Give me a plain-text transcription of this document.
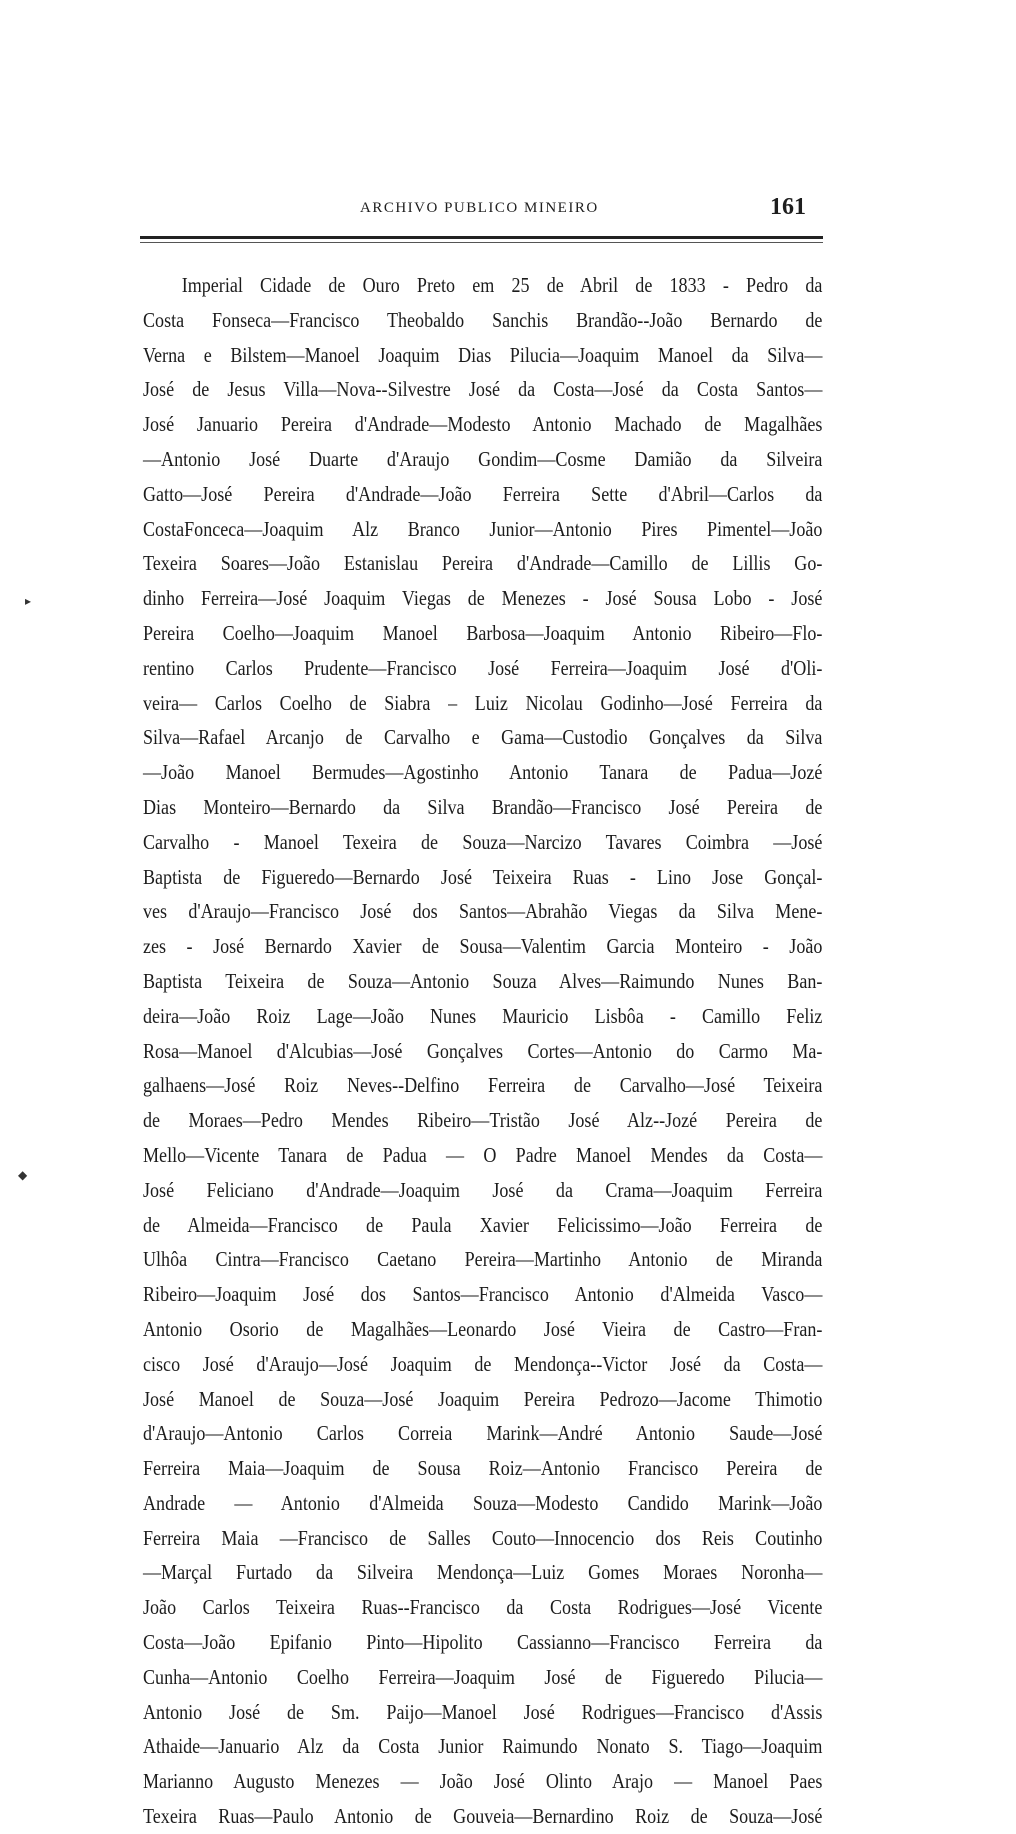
ARCHIVO PUBLICO MINEIRO	161
▸
◆
Imperial Cidade de Ouro Preto em 25 de Abril de 1833 - Pedro da
Costa Fonseca—Francisco Theobaldo Sanchis Brandão--João Bernardo de
Verna e Bilstem—Manoel Joaquim Dias Pilucia—Joaquim Manoel da Silva—
José de Jesus Villa—Nova--Silvestre José da Costa—José da Costa Santos—
José Januario Pereira d'Andrade—Modesto Antonio Machado de Magalhães
—Antonio José Duarte d'Araujo Gondim—Cosme Damião da Silveira
Gatto—José Pereira d'Andrade—João Ferreira Sette d'Abril—Carlos da
CostaFonceca—Joaquim Alz Branco Junior—Antonio Pires Pimentel—João
Texeira Soares—João Estanislau Pereira d'Andrade—Camillo de Lillis Go-
dinho Ferreira—José Joaquim Viegas de Menezes - José Sousa Lobo - José
Pereira Coelho—Joaquim Manoel Barbosa—Joaquim Antonio Ribeiro—Flo-
rentino Carlos Prudente—Francisco José Ferreira—Joaquim José d'Oli-
veira— Carlos Coelho de Siabra – Luiz Nicolau Godinho—José Ferreira da
Silva—Rafael Arcanjo de Carvalho e Gama—Custodio Gonçalves da Silva
—João Manoel Bermudes—Agostinho Antonio Tanara de Padua—Jozé
Dias Monteiro—Bernardo da Silva Brandão—Francisco José Pereira de
Carvalho - Manoel Texeira de Souza—Narcizo Tavares Coimbra —José
Baptista de Figueredo—Bernardo José Teixeira Ruas - Lino Jose Gonçal-
ves d'Araujo—Francisco José dos Santos—Abrahão Viegas da Silva Mene-
zes - José Bernardo Xavier de Sousa—Valentim Garcia Monteiro - João
Baptista Teixeira de Souza—Antonio Souza Alves—Raimundo Nunes Ban-
deira—João Roiz Lage—João Nunes Mauricio Lisbôa - Camillo Feliz
Rosa—Manoel d'Alcubias—José Gonçalves Cortes—Antonio do Carmo Ma-
galhaens—José Roiz Neves--Delfino Ferreira de Carvalho—José Teixeira
de Moraes—Pedro Mendes Ribeiro—Tristão José Alz--Jozé Pereira de
Mello—Vicente Tanara de Padua — O Padre Manoel Mendes da Costa—
José Feliciano d'Andrade—Joaquim José da Crama—Joaquim Ferreira
de Almeida—Francisco de Paula Xavier Felicissimo—João Ferreira de
Ulhôa Cintra—Francisco Caetano Pereira—Martinho Antonio de Miranda
Ribeiro—Joaquim José dos Santos—Francisco Antonio d'Almeida Vasco—
Antonio Osorio de Magalhães—Leonardo José Vieira de Castro—Fran-
cisco José d'Araujo—José Joaquim de Mendonça--Victor José da Costa—
José Manoel de Souza—José Joaquim Pereira Pedrozo—Jacome Thimotio
d'Araujo—Antonio Carlos Correia Marink—André Antonio Saude—José
Ferreira Maia—Joaquim de Sousa Roiz—Antonio Francisco Pereira de
Andrade — Antonio d'Almeida Souza—Modesto Candido Marink—João
Ferreira Maia —Francisco de Salles Couto—Innocencio dos Reis Coutinho
—Marçal Furtado da Silveira Mendonça—Luiz Gomes Moraes Noronha—
João Carlos Teixeira Ruas--Francisco da Costa Rodrigues—José Vicente
Costa—João Epifanio Pinto—Hipolito Cassianno—Francisco Ferreira da
Cunha—Antonio Coelho Ferreira—Joaquim José de Figueredo Pilucia—
Antonio José de Sm. Paijo—Manoel José Rodrigues—Francisco d'Assis
Athaide—Januario Alz da Costa Junior Raimundo Nonato S. Tiago—Joaquim
Marianno Augusto Menezes — João José Olinto Arajo — Manoel Paes
Texeira Ruas—Paulo Antonio de Gouveia—Bernardino Roiz de Souza—José
